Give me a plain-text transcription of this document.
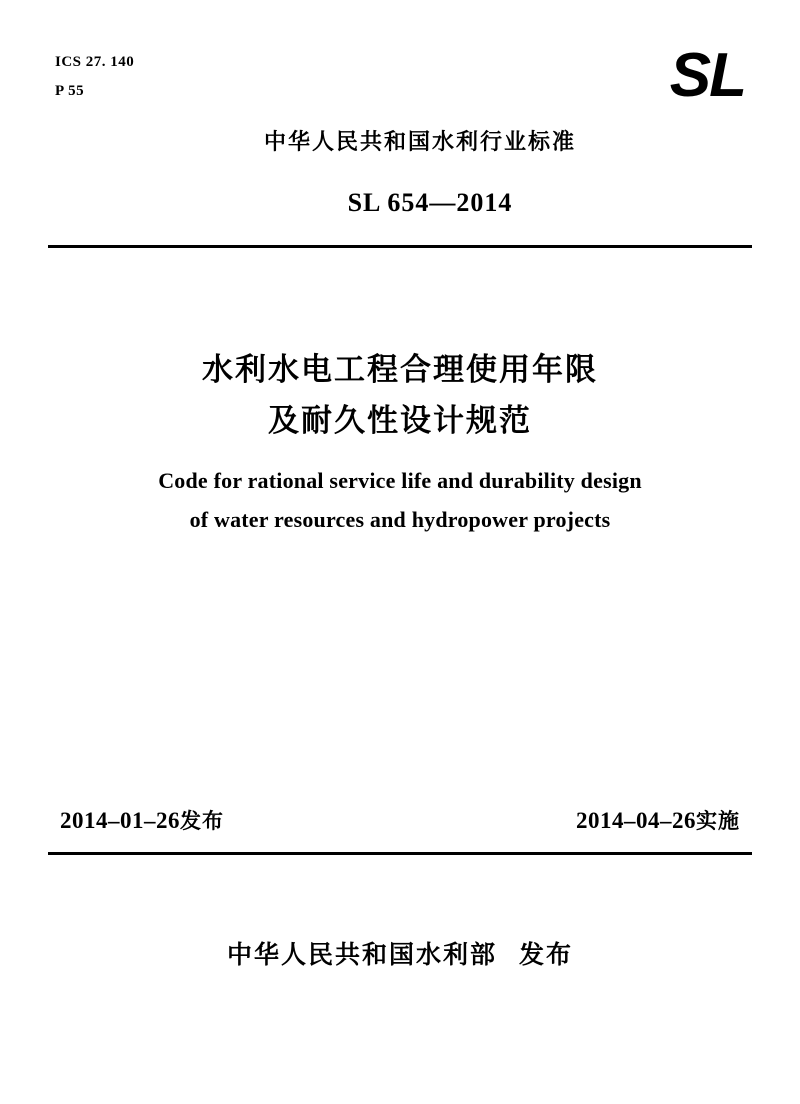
ICS 27. 140
P 55	SL
中华人民共和国水利行业标准
SL 654—2014
水利水电工程合理使用年限
及耐久性设计规范
Code for rational service life and durability design
of water resources and hydropower projects
2014–01–26发布	2014–04–26实施
中华人民共和国水利部 发布
